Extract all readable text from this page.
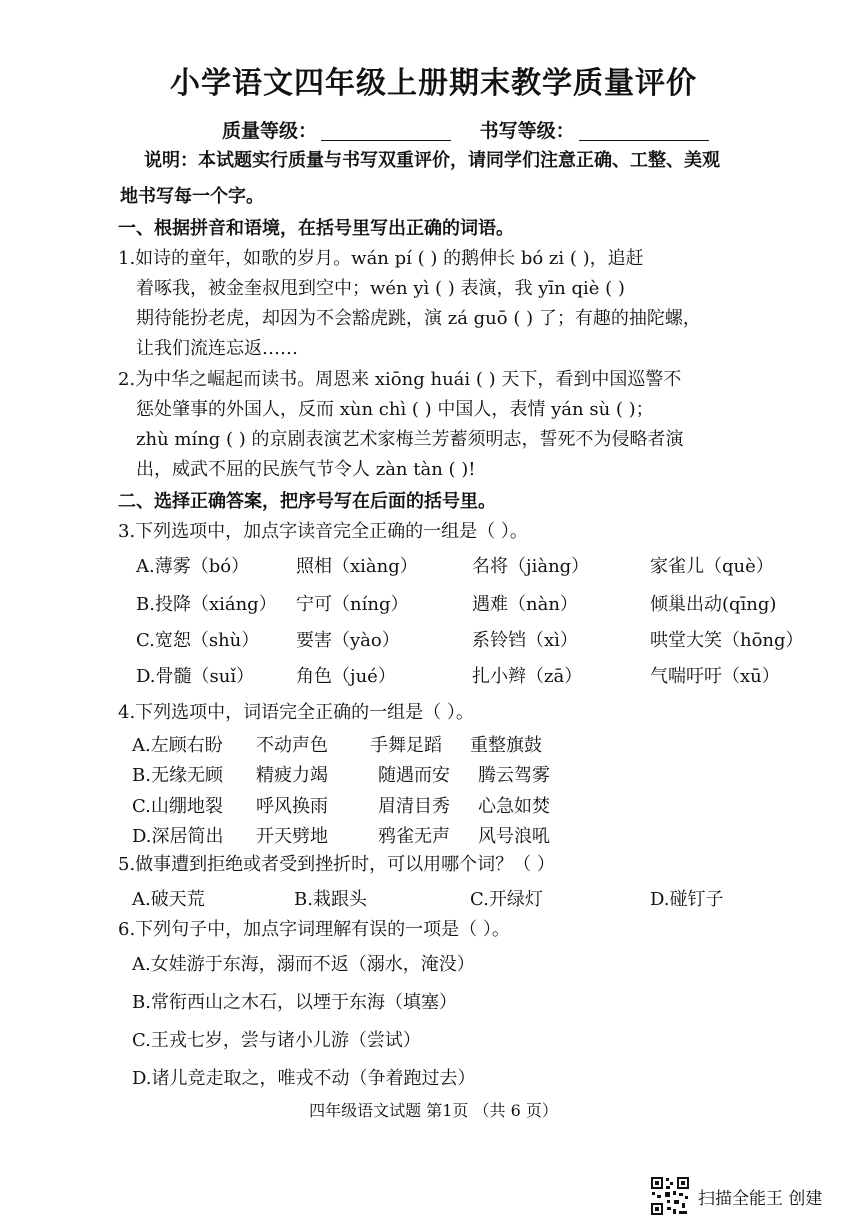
小学语文四年级上册期末教学质量评价
质量等级：	书写等级：
说明：本试题实行质量与书写双重评价，请同学们注意正确、工整、美观
地书写每一个字。
一、根据拼音和语境，在括号里写出正确的词语。
1.如诗的童年，如歌的岁月。wán pí ( ) 的鹅伸长 bó zi ( )，追赶
着啄我，被金奎叔甩到空中；wén yì ( ) 表演，我 yīn qiè ( )
期待能扮老虎，却因为不会豁虎跳，演 zá guō ( ) 了；有趣的抽陀螺，
让我们流连忘返……
2.为中华之崛起而读书。周恩来 xiōng huái ( ) 天下，看到中国巡警不
惩处肇事的外国人，反而 xùn chì ( ) 中国人，表情 yán sù ( )；
zhù míng ( ) 的京剧表演艺术家梅兰芳蓄须明志，誓死不为侵略者演
出，威武不屈的民族气节令人 zàn tàn ( )!
二、选择正确答案，把序号写在后面的括号里。
3.下列选项中，加点字读音完全正确的一组是（ ）。
A.薄雾（bó）	照相（xiàng）	名将（jiàng）	家雀儿（què）
B.投降（xiáng） 宁可（níng）	遇难（nàn）	倾巢出动(qīng)
C.宽恕（shù） 要害（yào）	系铃铛（xì）	哄堂大笑（hōng）
D.骨髓（suǐ） 角色（jué）	扎小辫（zā）	气喘吁吁（xū）
4.下列选项中，词语完全正确的一组是（ ）。
A.左顾右盼 不动声色 手舞足蹈 重整旗鼓
B.无缘无顾 精疲力竭	随遇而安 腾云驾雾
C.山绷地裂 呼风换雨	眉清目秀 心急如焚
D.深居简出 开天劈地	鸦雀无声 风号浪吼
5.做事遭到拒绝或者受到挫折时，可以用哪个词？（ ）
A.破天荒	B.栽跟头	C.开绿灯	D.碰钉子
6.下列句子中，加点字词理解有误的一项是（ ）。
A.女娃游于东海，溺而不返（溺水，淹没）
B.常衔西山之木石，以堙于东海（填塞）
C.王戎七岁，尝与诸小儿游（尝试）
D.诸儿竞走取之，唯戎不动（争着跑过去）
四年级语文试题 第1页 （共 6 页）
扫描全能王 创建
